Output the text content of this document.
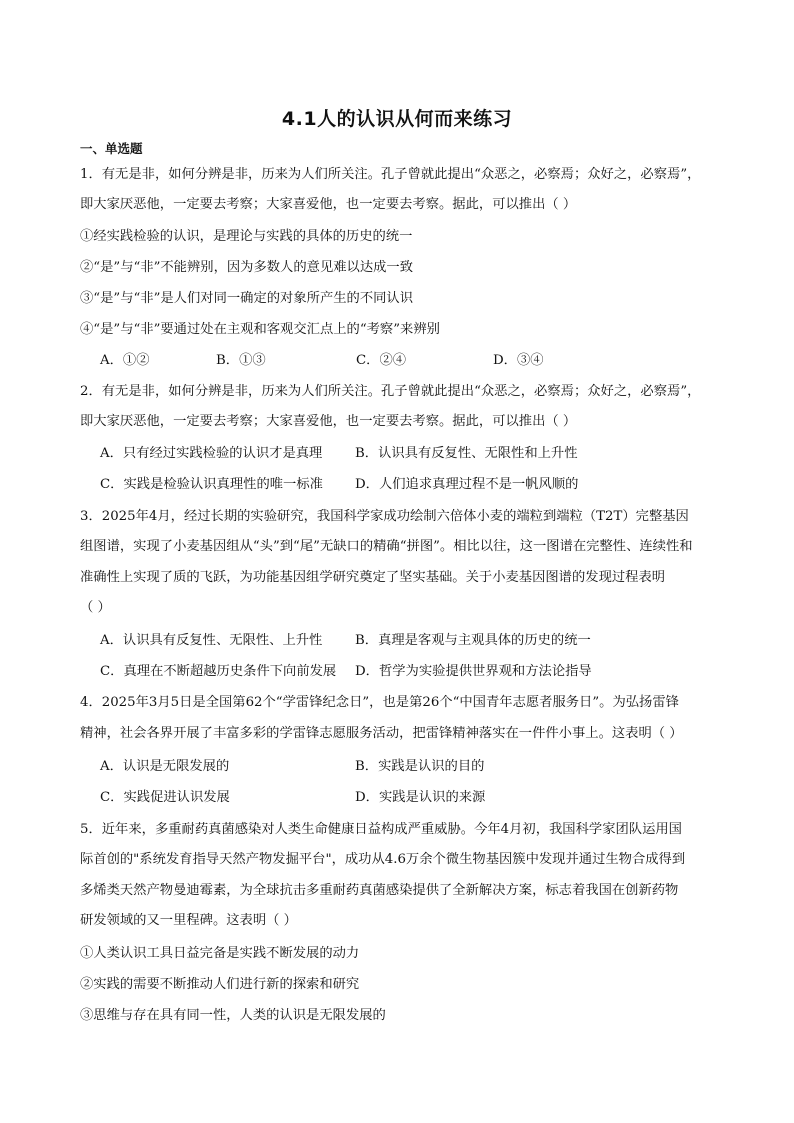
4.1人的认识从何而来练习
一、单选题
1．有无是非，如何分辨是非，历来为人们所关注。孔子曾就此提出“众恶之，必察焉；众好之，必察焉”，
即大家厌恶他，一定要去考察；大家喜爱他，也一定要去考察。据此，可以推出（ ）
①经实践检验的认识，是理论与实践的具体的历史的统一
②“是”与“非”不能辨别，因为多数人的意见难以达成一致
③“是”与“非”是人们对同一确定的对象所产生的不同认识
④“是”与“非”要通过处在主观和客观交汇点上的“考察”来辨别
A．①②	B．①③	C．②④	D．③④
2．有无是非，如何分辨是非，历来为人们所关注。孔子曾就此提出“众恶之，必察焉；众好之，必察焉”，
即大家厌恶他，一定要去考察；大家喜爱他，也一定要去考察。据此，可以推出（ ）
A．只有经过实践检验的认识才是真理 B．认识具有反复性、无限性和上升性
C．实践是检验认识真理性的唯一标准 D．人们追求真理过程不是一帆风顺的
3．2025年4月，经过长期的实验研究，我国科学家成功绘制六倍体小麦的端粒到端粒（T2T）完整基因
组图谱，实现了小麦基因组从“头”到“尾”无缺口的精确“拼图”。相比以往，这一图谱在完整性、连续性和
准确性上实现了质的飞跃，为功能基因组学研究奠定了坚实基础。关于小麦基因图谱的发现过程表明
（ ）
A．认识具有反复性、无限性、上升性 B．真理是客观与主观具体的历史的统一
C．真理在不断超越历史条件下向前发展 D．哲学为实验提供世界观和方法论指导
4．2025年3月5日是全国第62个“学雷锋纪念日”，也是第26个“中国青年志愿者服务日”。为弘扬雷锋
精神，社会各界开展了丰富多彩的学雷锋志愿服务活动，把雷锋精神落实在一件件小事上。这表明（ ）
A．认识是无限发展的	B．实践是认识的目的
C．实践促进认识发展	D．实践是认识的来源
5．近年来，多重耐药真菌感染对人类生命健康日益构成严重威胁。今年4月初，我国科学家团队运用国
际首创的"系统发育指导天然产物发掘平台"，成功从4.6万余个微生物基因簇中发现并通过生物合成得到
多烯类天然产物曼迪霉素，为全球抗击多重耐药真菌感染提供了全新解决方案，标志着我国在创新药物
研发领域的又一里程碑。这表明（ ）
①人类认识工具日益完备是实践不断发展的动力
②实践的需要不断推动人们进行新的探索和研究
③思维与存在具有同一性，人类的认识是无限发展的
